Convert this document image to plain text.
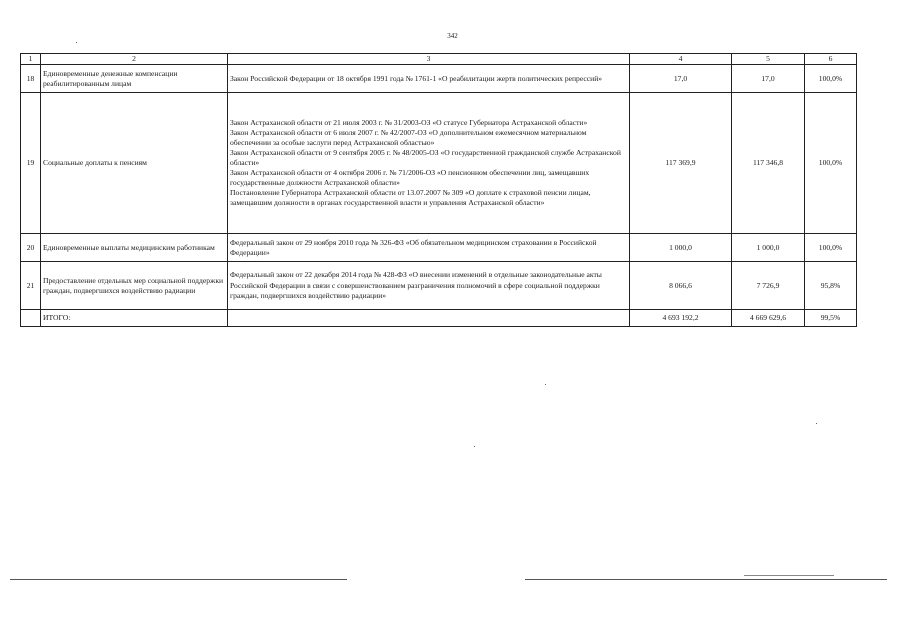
342
1	2	3	4	5	6
18	Единовременные денежные компенсации реабилитированным лицам	Закон Российской Федерации от 18 октября 1991 года № 1761-1 «О реабилитации жертв политических репрессий»	17,0	17,0	100,0%
19	Социальные доплаты к пенсиям	Закон Астраханской области от 21 июля 2003 г. № 31/2003-ОЗ «О статусе Губернатора Астраханской области»
Закон Астраханской области от 6 июля 2007 г. № 42/2007-ОЗ «О дополнительном ежемесячном материальном обеспечении за особые заслуги перед Астраханской областью»
Закон Астраханской области от 9 сентября 2005 г. № 48/2005-ОЗ «О государственной гражданской службе Астраханской области»
Закон Астраханской области от 4 октября 2006 г. № 71/2006-ОЗ «О пенсионном обеспечении лиц, замещавших государственные должности Астраханской области»
Постановление Губернатора Астраханской области от 13.07.2007 № 309 «О доплате к страховой пенсии лицам, замещавшим должности в органах государственной власти и управления Астраханской области»	117 369,9	117 346,8	100,0%
20	Единовременные выплаты медицинским работникам	Федеральный закон от 29 ноября 2010 года № 326-ФЗ «Об обязательном медицинском страховании в Российской Федерации»	1 000,0	1 000,0	100,0%
21	Предоставление отдельных мер социальной поддержки граждан, подвергшихся воздействию радиации	Федеральный закон от 22 декабря 2014 года № 428-ФЗ «О внесении изменений в отдельные законодательные акты Российской Федерации в связи с совершенствованием разграничения полномочий в сфере социальной поддержки граждан, подвергшихся воздействию радиации»	8 066,6	7 726,9	95,8%
	ИТОГО:		4 693 192,2	4 669 629,6	99,5%
